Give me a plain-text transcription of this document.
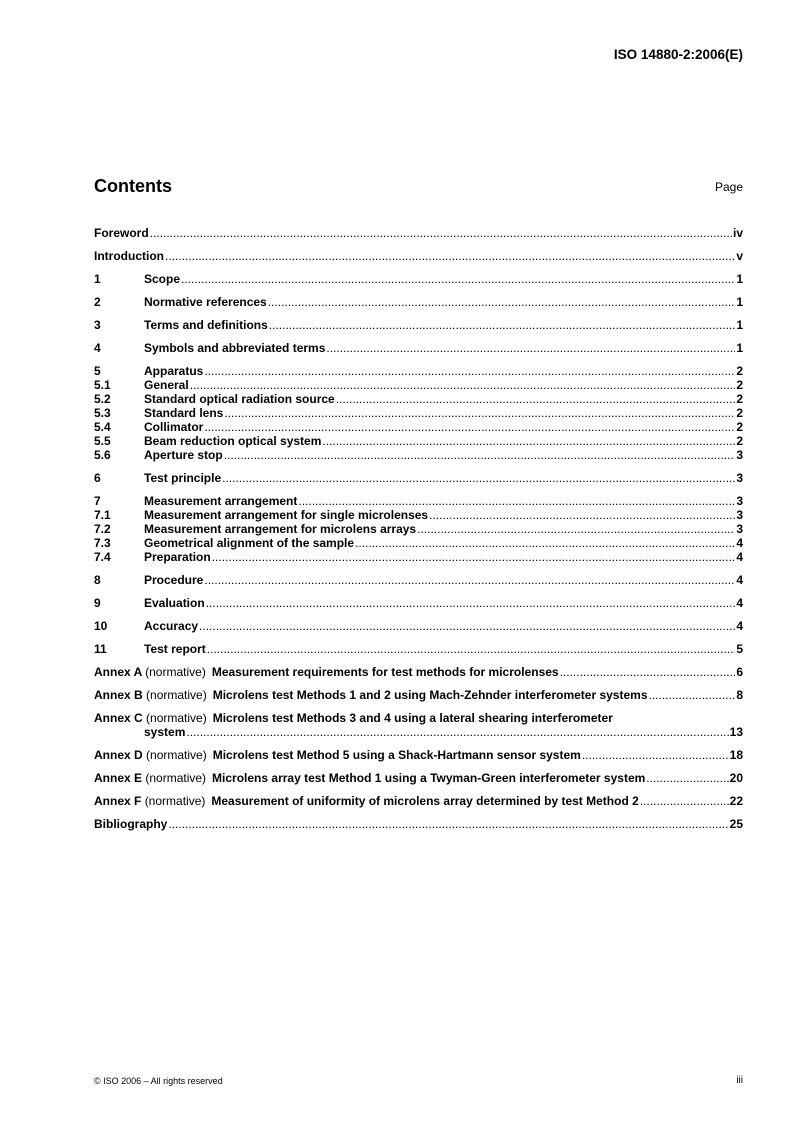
ISO 14880-2:2006(E)
Contents	Page
Foreword .....	iv
Introduction .....	v
1	Scope .....	1
2	Normative references .....	1
3	Terms and definitions .....	1
4	Symbols and abbreviated terms .....	1
5	Apparatus .....	2
5.1	General .....	2
5.2	Standard optical radiation source .....	2
5.3	Standard lens .....	2
5.4	Collimator .....	2
5.5	Beam reduction optical system .....	2
5.6	Aperture stop .....	3
6	Test principle .....	3
7	Measurement arrangement .....	3
7.1	Measurement arrangement for single microlenses .....	3
7.2	Measurement arrangement for microlens arrays .....	3
7.3	Geometrical alignment of the sample .....	4
7.4	Preparation .....	4
8	Procedure .....	4
9	Evaluation .....	4
10	Accuracy .....	4
11	Test report .....	5
Annex A (normative) Measurement requirements for test methods for microlenses .....	6
Annex B (normative) Microlens test Methods 1 and 2 using Mach-Zehnder interferometer systems .....	8
Annex C (normative) Microlens test Methods 3 and 4 using a lateral shearing interferometer
system .....	13
Annex D (normative) Microlens test Method 5 using a Shack-Hartmann sensor system .....	18
Annex E (normative) Microlens array test Method 1 using a Twyman-Green interferometer system .....	20
Annex F (normative) Measurement of uniformity of microlens array determined by test Method 2 .....	22
Bibliography .....	25
© ISO 2006 – All rights reserved	iii
